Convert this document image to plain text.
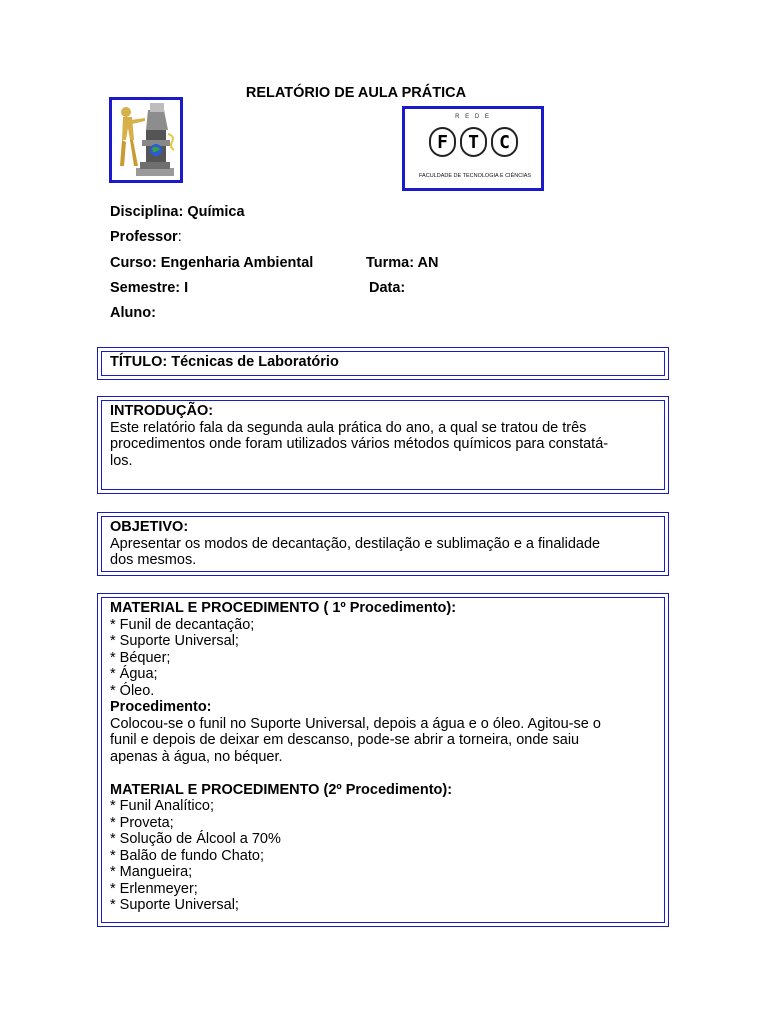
RELATÓRIO DE AULA PRÁTICA
R E D E
F	T	C
FACULDADE DE TECNOLOGIA E CIÊNCIAS
Disciplina: Química
Professor:
Curso: Engenharia Ambiental	Turma: AN
Semestre: I	Data:
Aluno:
TÍTULO: Técnicas de Laboratório
INTRODUÇÃO:
Este relatório fala da segunda aula prática do ano, a qual se tratou de três
procedimentos onde foram utilizados vários métodos químicos para constatá-
los.
OBJETIVO:
Apresentar os modos de decantação, destilação e sublimação e a finalidade
dos mesmos.
MATERIAL E PROCEDIMENTO ( 1º Procedimento):
* Funil de decantação;
* Suporte Universal;
* Béquer;
* Água;
* Óleo.
Procedimento:
Colocou-se o funil no Suporte Universal, depois a água e o óleo. Agitou-se o
funil e depois de deixar em descanso, pode-se abrir a torneira, onde saiu
apenas à água, no béquer.
MATERIAL E PROCEDIMENTO (2º Procedimento):
* Funil Analítico;
* Proveta;
* Solução de Álcool a 70%
* Balão de fundo Chato;
* Mangueira;
* Erlenmeyer;
* Suporte Universal;
